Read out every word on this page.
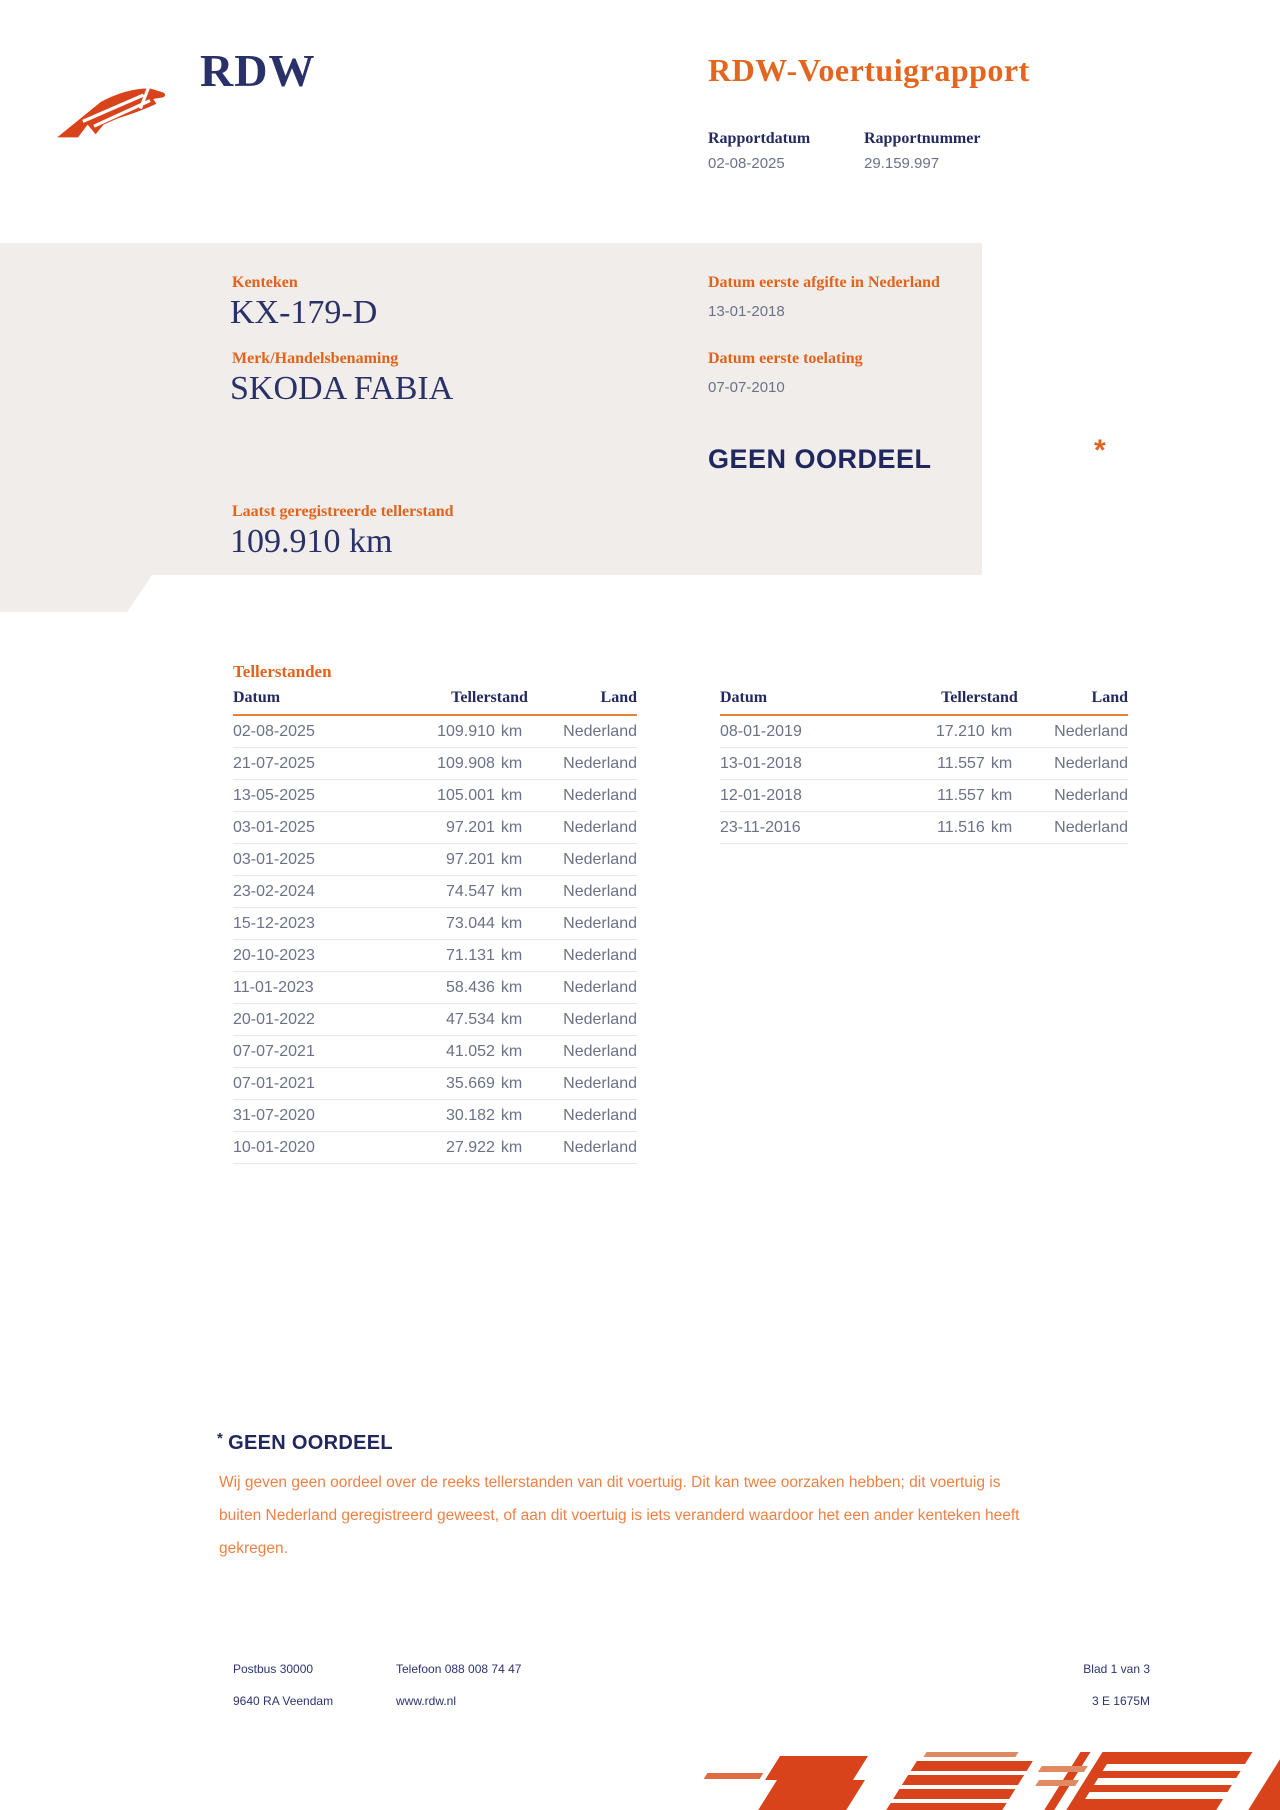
RDW	RDW-Voertuigrapport
Rapportdatum
02-08-2025
Rapportnummer
29.159.997
Kenteken
KX-179-D
Merk/Handelsbenaming
SKODA FABIA
Datum eerste afgifte in Nederland
13-01-2018
Datum eerste toelating
07-07-2010
GEEN OORDEEL	*
Laatst geregistreerde tellerstand
109.910 km
Tellerstanden
Datum	Tellerstand	Land
02-08-2025	109.910 km	Nederland
21-07-2025	109.908 km	Nederland
13-05-2025	105.001 km	Nederland
03-01-2025	97.201 km	Nederland
03-01-2025	97.201 km	Nederland
23-02-2024	74.547 km	Nederland
15-12-2023	73.044 km	Nederland
20-10-2023	71.131 km	Nederland
11-01-2023	58.436 km	Nederland
20-01-2022	47.534 km	Nederland
07-07-2021	41.052 km	Nederland
07-01-2021	35.669 km	Nederland
31-07-2020	30.182 km	Nederland
10-01-2020	27.922 km	Nederland
Datum	Tellerstand	Land
08-01-2019	17.210 km	Nederland
13-01-2018	11.557 km	Nederland
12-01-2018	11.557 km	Nederland
23-11-2016	11.516 km	Nederland
* GEEN OORDEEL

Wij geven geen oordeel over de reeks tellerstanden van dit voertuig. Dit kan twee oorzaken hebben; dit voertuig is buiten Nederland geregistreerd geweest, of aan dit voertuig is iets veranderd waardoor het een ander kenteken heeft gekregen.

Postbus 30000
9640 RA Veendam
Telefoon 088 008 74 47
www.rdw.nl
Blad 1 van 3
3 E 1675M
